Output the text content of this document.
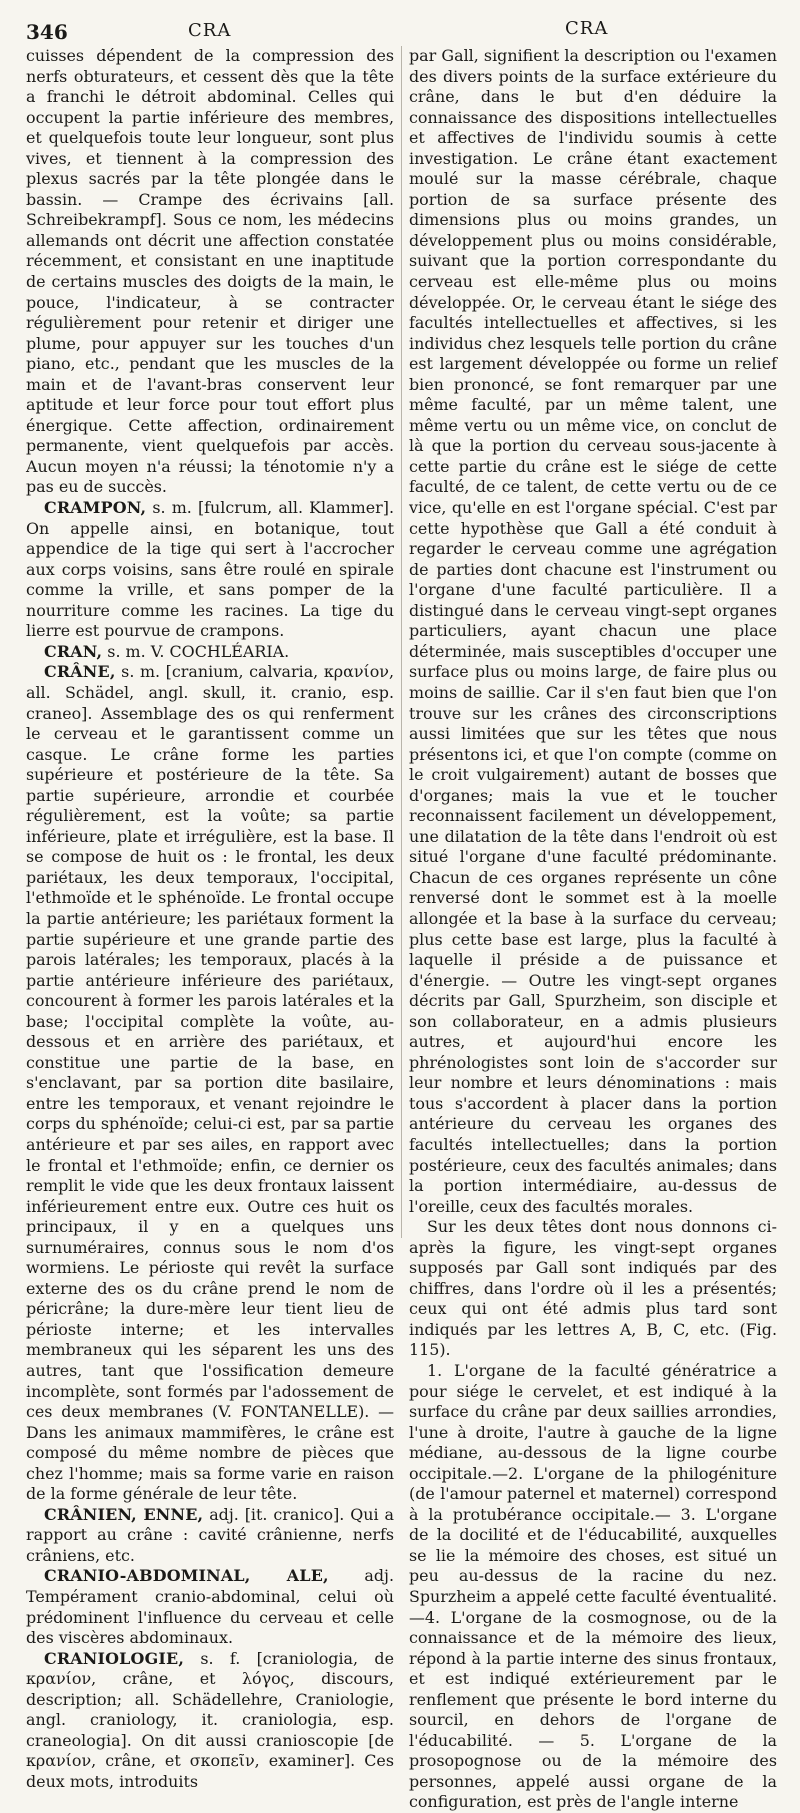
346	CRA	CRA

cuisses dépendent de la compression des nerfs obturateurs, et cessent dès que la tête a franchi le détroit abdominal. Celles qui occupent la partie inférieure des membres, et quelquefois toute leur longueur, sont plus vives, et tiennent à la compression des plexus sacrés par la tête plongée dans le bassin. — Crampe des écrivains [all. Schreibekrampf]. Sous ce nom, les médecins allemands ont décrit une affection constatée récemment, et consistant en une inaptitude de certains muscles des doigts de la main, le pouce, l'indicateur, à se contracter régulièrement pour retenir et diriger une plume, pour appuyer sur les touches d'un piano, etc., pendant que les muscles de la main et de l'avant-bras conservent leur aptitude et leur force pour tout effort plus énergique. Cette affection, ordinairement permanente, vient quelquefois par accès. Aucun moyen n'a réussi; la ténotomie n'y a pas eu de succès.

CRAMPON, s. m. [fulcrum, all. Klammer]. On appelle ainsi, en botanique, tout appendice de la tige qui sert à l'accrocher aux corps voisins, sans être roulé en spirale comme la vrille, et sans pomper de la nourriture comme les racines. La tige du lierre est pourvue de crampons.

CRAN, s. m. V. COCHLÉARIA.

CRÂNE, s. m. [cranium, calvaria, κρανίον, all. Schädel, angl. skull, it. cranio, esp. craneo]. Assemblage des os qui renferment le cerveau et le garantissent comme un casque. Le crâne forme les parties supérieure et postérieure de la tête. Sa partie supérieure, arrondie et courbée régulièrement, est la voûte; sa partie inférieure, plate et irrégulière, est la base. Il se compose de huit os : le frontal, les deux pariétaux, les deux temporaux, l'occipital, l'ethmoïde et le sphénoïde. Le frontal occupe la partie antérieure; les pariétaux forment la partie supérieure et une grande partie des parois latérales; les temporaux, placés à la partie antérieure inférieure des pariétaux, concourent à former les parois latérales et la base; l'occipital complète la voûte, au-dessous et en arrière des pariétaux, et constitue une partie de la base, en s'enclavant, par sa portion dite basilaire, entre les temporaux, et venant rejoindre le corps du sphénoïde; celui-ci est, par sa partie antérieure et par ses ailes, en rapport avec le frontal et l'ethmoïde; enfin, ce dernier os remplit le vide que les deux frontaux laissent inférieurement entre eux. Outre ces huit os principaux, il y en a quelques uns surnuméraires, connus sous le nom d'os wormiens. Le périoste qui revêt la surface externe des os du crâne prend le nom de péricrâne; la dure-mère leur tient lieu de périoste interne; et les intervalles membraneux qui les séparent les uns des autres, tant que l'ossification demeure incomplète, sont formés par l'adossement de ces deux membranes (V. FONTANELLE). — Dans les animaux mammifères, le crâne est composé du même nombre de pièces que chez l'homme; mais sa forme varie en raison de la forme générale de leur tête.

CRÂNIEN, ENNE, adj. [it. cranico]. Qui a rapport au crâne : cavité crânienne, nerfs crâniens, etc.

CRANIO-ABDOMINAL, ALE, adj. Tempérament cranio-abdominal, celui où prédominent l'influence du cerveau et celle des viscères abdominaux.

CRANIOLOGIE, s. f. [craniologia, de κρανίον, crâne, et λόγος, discours, description; all. Schädellehre, Craniologie, angl. craniology, it. craniologia, esp. craneologia]. On dit aussi cranioscopie [de κρανίον, crâne, et σκοπεῖν, examiner]. Ces deux mots, introduits

par Gall, signifient la description ou l'examen des divers points de la surface extérieure du crâne, dans le but d'en déduire la connaissance des dispositions intellectuelles et affectives de l'individu soumis à cette investigation. Le crâne étant exactement moulé sur la masse cérébrale, chaque portion de sa surface présente des dimensions plus ou moins grandes, un développement plus ou moins considérable, suivant que la portion correspondante du cerveau est elle-même plus ou moins développée. Or, le cerveau étant le siége des facultés intellectuelles et affectives, si les individus chez lesquels telle portion du crâne est largement développée ou forme un relief bien prononcé, se font remarquer par une même faculté, par un même talent, une même vertu ou un même vice, on conclut de là que la portion du cerveau sous-jacente à cette partie du crâne est le siége de cette faculté, de ce talent, de cette vertu ou de ce vice, qu'elle en est l'organe spécial. C'est par cette hypothèse que Gall a été conduit à regarder le cerveau comme une agrégation de parties dont chacune est l'instrument ou l'organe d'une faculté particulière. Il a distingué dans le cerveau vingt-sept organes particuliers, ayant chacun une place déterminée, mais susceptibles d'occuper une surface plus ou moins large, de faire plus ou moins de saillie. Car il s'en faut bien que l'on trouve sur les crânes des circonscriptions aussi limitées que sur les têtes que nous présentons ici, et que l'on compte (comme on le croit vulgairement) autant de bosses que d'organes; mais la vue et le toucher reconnaissent facilement un développement, une dilatation de la tête dans l'endroit où est situé l'organe d'une faculté prédominante. Chacun de ces organes représente un cône renversé dont le sommet est à la moelle allongée et la base à la surface du cerveau; plus cette base est large, plus la faculté à laquelle il préside a de puissance et d'énergie. — Outre les vingt-sept organes décrits par Gall, Spurzheim, son disciple et son collaborateur, en a admis plusieurs autres, et aujourd'hui encore les phrénologistes sont loin de s'accorder sur leur nombre et leurs dénominations : mais tous s'accordent à placer dans la portion antérieure du cerveau les organes des facultés intellectuelles; dans la portion postérieure, ceux des facultés animales; dans la portion intermédiaire, au-dessus de l'oreille, ceux des facultés morales.

Sur les deux têtes dont nous donnons ci-après la figure, les vingt-sept organes supposés par Gall sont indiqués par des chiffres, dans l'ordre où il les a présentés; ceux qui ont été admis plus tard sont indiqués par les lettres A, B, C, etc. (Fig. 115).

1. L'organe de la faculté génératrice a pour siége le cervelet, et est indiqué à la surface du crâne par deux saillies arrondies, l'une à droite, l'autre à gauche de la ligne médiane, au-dessous de la ligne courbe occipitale.—2. L'organe de la philogéniture (de l'amour paternel et maternel) correspond à la protubérance occipitale.— 3. L'organe de la docilité et de l'éducabilité, auxquelles se lie la mémoire des choses, est situé un peu au-dessus de la racine du nez. Spurzheim a appelé cette faculté éventualité.—4. L'organe de la cosmognose, ou de la connaissance et de la mémoire des lieux, répond à la partie interne des sinus frontaux, et est indiqué extérieurement par le renflement que présente le bord interne du sourcil, en dehors de l'organe de l'éducabilité. — 5. L'organe de la prosopognose ou de la mémoire des personnes, appelé aussi organe de la configuration, est près de l'angle interne
